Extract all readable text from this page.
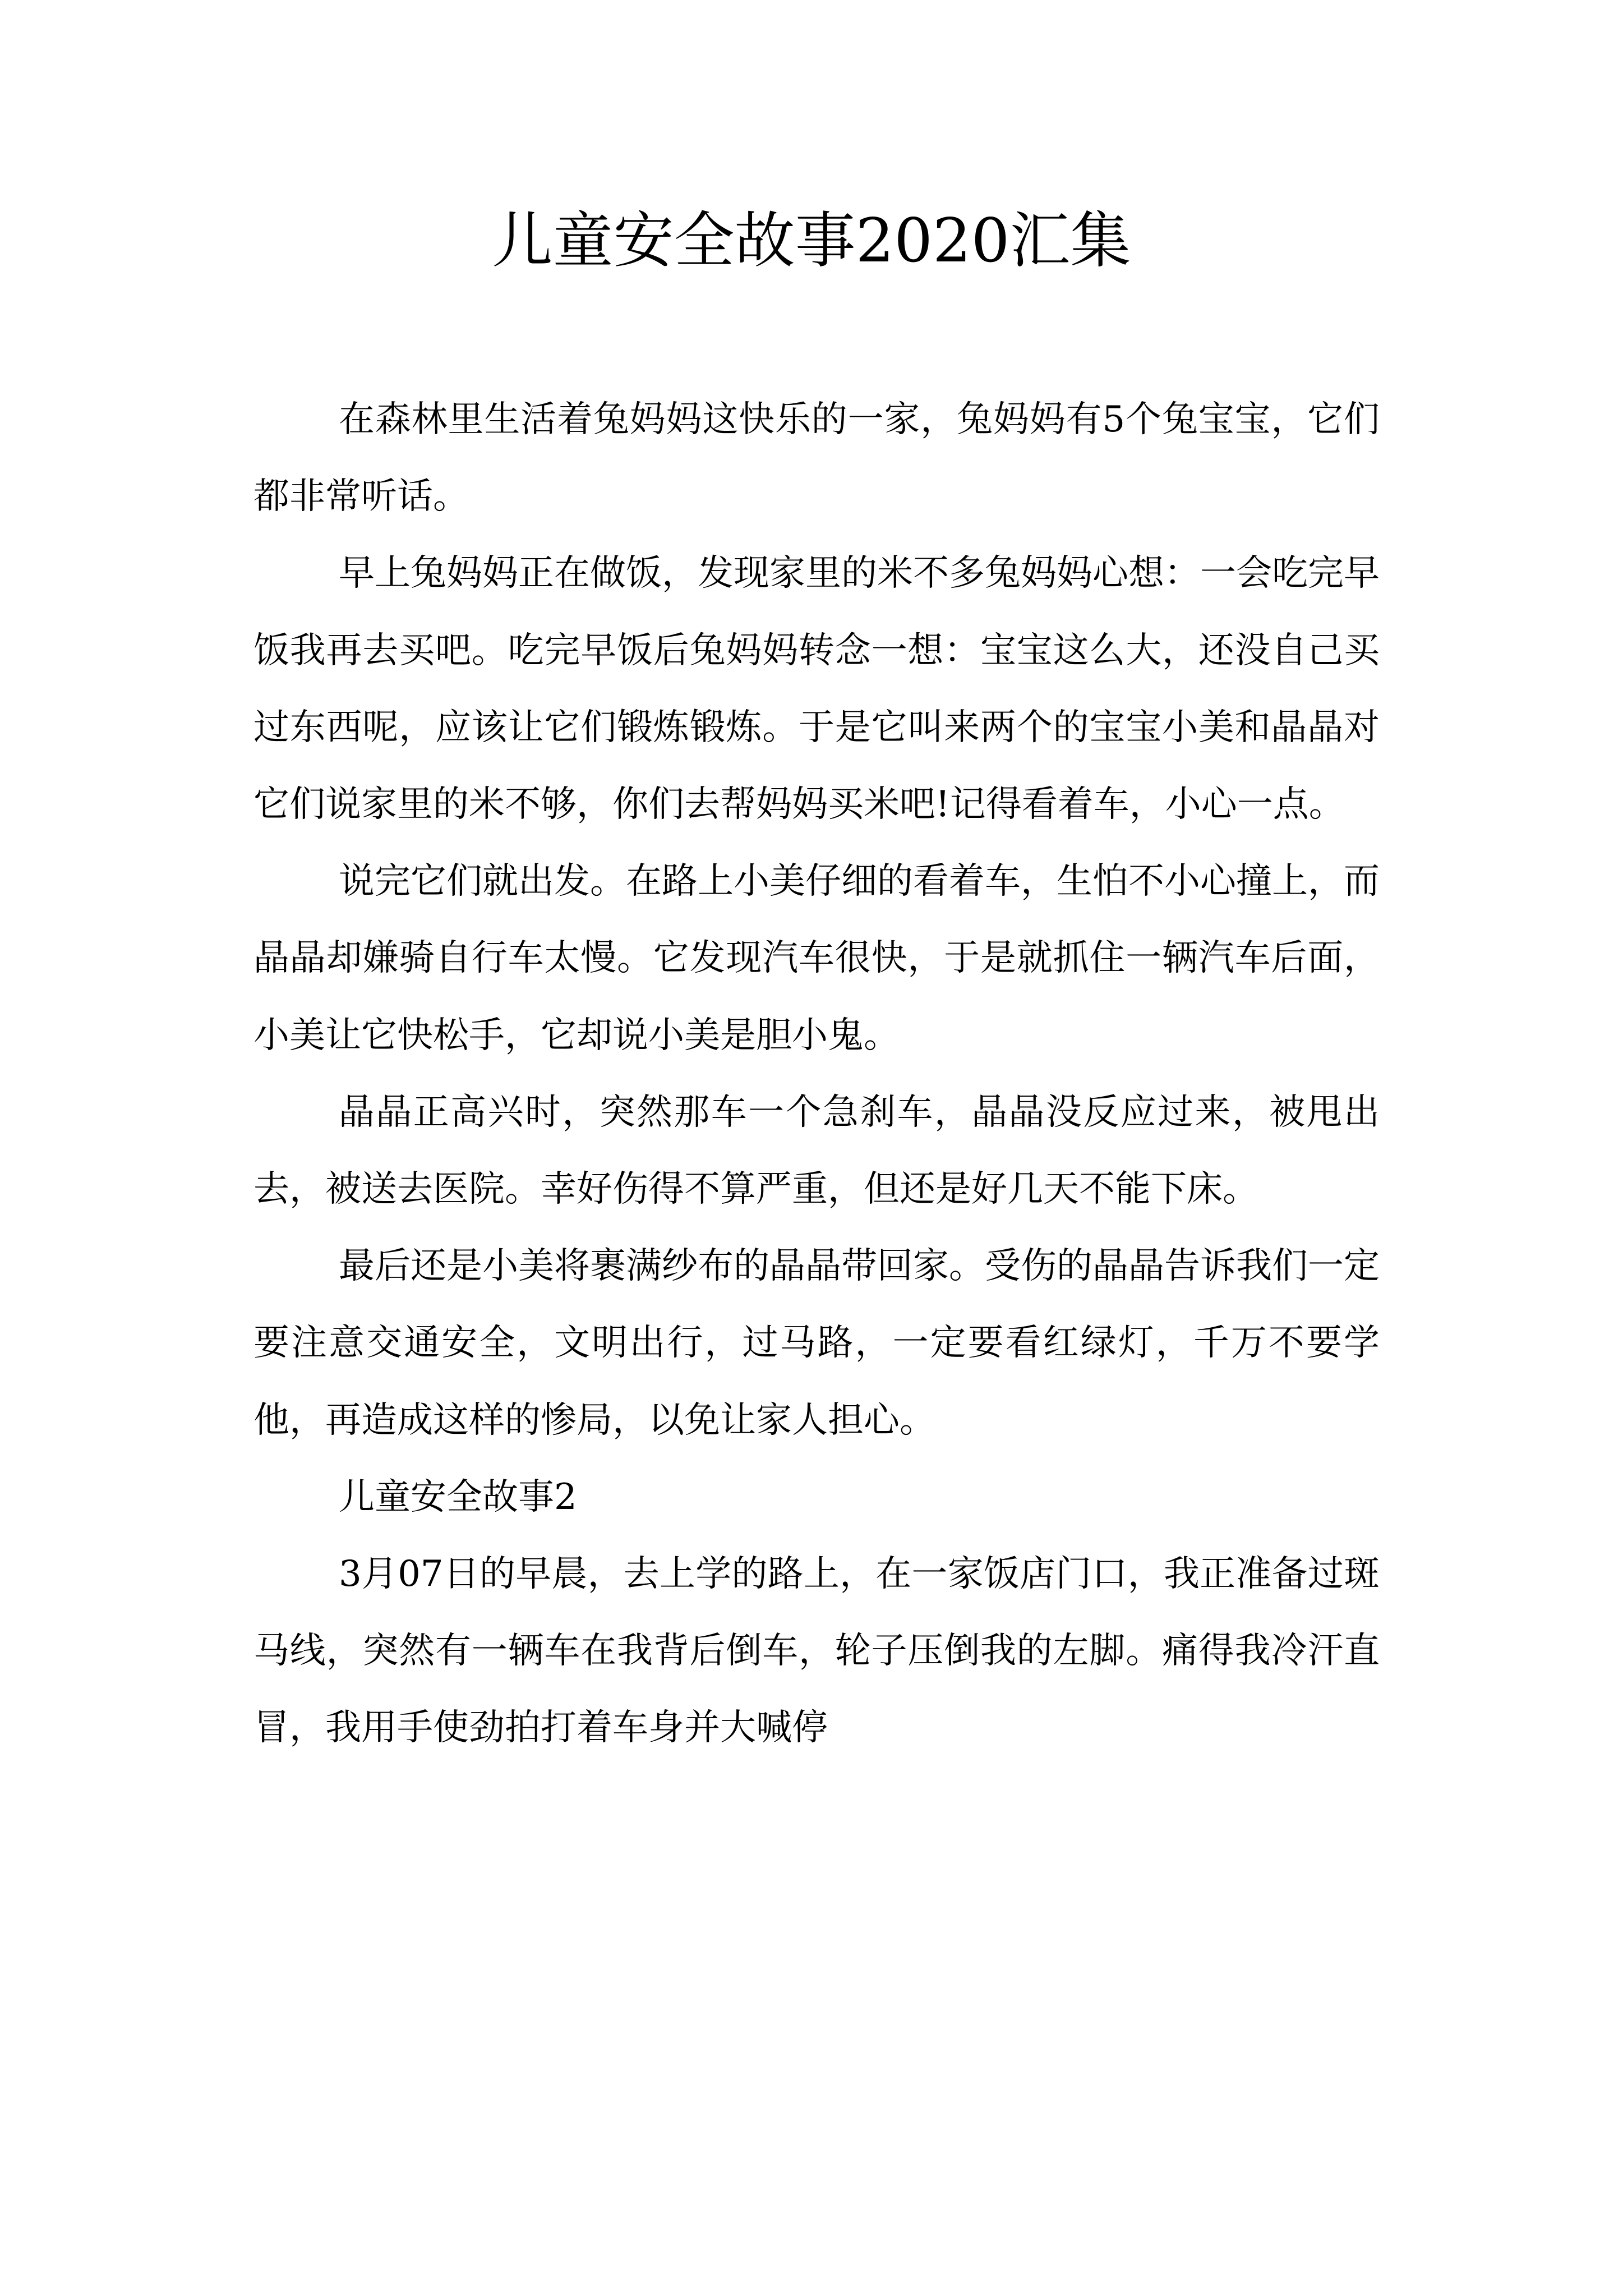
儿童安全故事2020汇集

在森林里生活着兔妈妈这快乐的一家，兔妈妈有5个兔宝宝，它们都非常听话。

早上兔妈妈正在做饭，发现家里的米不多兔妈妈心想：一会吃完早饭我再去买吧。吃完早饭后兔妈妈转念一想：宝宝这么大，还没自己买过东西呢，应该让它们锻炼锻炼。于是它叫来两个的宝宝小美和晶晶对它们说家里的米不够，你们去帮妈妈买米吧!记得看着车，小心一点。

说完它们就出发。在路上小美仔细的看着车，生怕不小心撞上，而晶晶却嫌骑自行车太慢。它发现汽车很快，于是就抓住一辆汽车后面，小美让它快松手，它却说小美是胆小鬼。

晶晶正高兴时，突然那车一个急刹车，晶晶没反应过来，被甩出去，被送去医院。幸好伤得不算严重，但还是好几天不能下床。

最后还是小美将裹满纱布的晶晶带回家。受伤的晶晶告诉我们一定要注意交通安全，文明出行，过马路，一定要看红绿灯，千万不要学他，再造成这样的惨局，以免让家人担心。

儿童安全故事2

3月07日的早晨，去上学的路上，在一家饭店门口，我正准备过斑马线，突然有一辆车在我背后倒车，轮子压倒我的左脚。痛得我冷汗直冒，我用手使劲拍打着车身并大喊停
